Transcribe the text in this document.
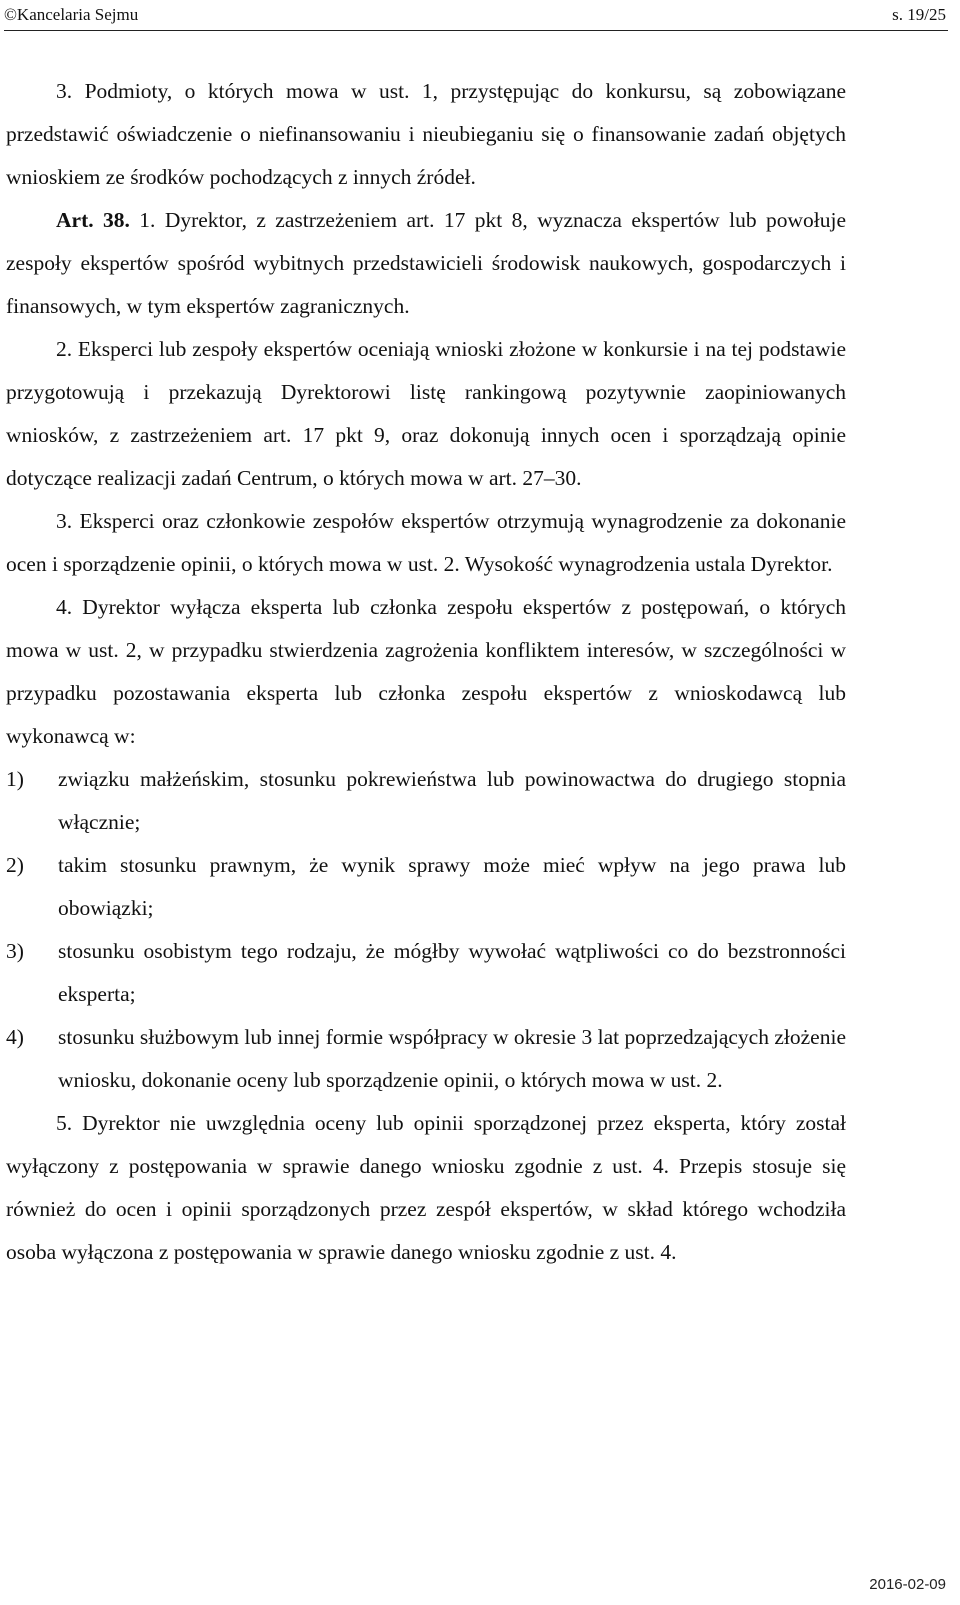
©Kancelaria Sejmu	s. 19/25

3. Podmioty, o których mowa w ust. 1, przystępując do konkursu, są zobowiązane przedstawić oświadczenie o niefinansowaniu i nieubieganiu się o finansowanie zadań objętych wnioskiem ze środków pochodzących z innych źródeł.

Art. 38. 1. Dyrektor, z zastrzeżeniem art. 17 pkt 8, wyznacza ekspertów lub powołuje zespoły ekspertów spośród wybitnych przedstawicieli środowisk naukowych, gospodarczych i finansowych, w tym ekspertów zagranicznych.

2. Eksperci lub zespoły ekspertów oceniają wnioski złożone w konkursie i na tej podstawie przygotowują i przekazują Dyrektorowi listę rankingową pozytywnie zaopiniowanych wniosków, z zastrzeżeniem art. 17 pkt 9, oraz dokonują innych ocen i sporządzają opinie dotyczące realizacji zadań Centrum, o których mowa w art. 27–30.

3. Eksperci oraz członkowie zespołów ekspertów otrzymują wynagrodzenie za dokonanie ocen i sporządzenie opinii, o których mowa w ust. 2. Wysokość wynagrodzenia ustala Dyrektor.

4. Dyrektor wyłącza eksperta lub członka zespołu ekspertów z postępowań, o których mowa w ust. 2, w przypadku stwierdzenia zagrożenia konfliktem interesów, w szczególności w przypadku pozostawania eksperta lub członka zespołu ekspertów z wnioskodawcą lub wykonawcą w:

1) związku małżeńskim, stosunku pokrewieństwa lub powinowactwa do drugiego stopnia włącznie;
2) takim stosunku prawnym, że wynik sprawy może mieć wpływ na jego prawa lub obowiązki;
3) stosunku osobistym tego rodzaju, że mógłby wywołać wątpliwości co do bezstronności eksperta;
4) stosunku służbowym lub innej formie współpracy w okresie 3 lat poprzedzających złożenie wniosku, dokonanie oceny lub sporządzenie opinii, o których mowa w ust. 2.

5. Dyrektor nie uwzględnia oceny lub opinii sporządzonej przez eksperta, który został wyłączony z postępowania w sprawie danego wniosku zgodnie z ust. 4. Przepis stosuje się również do ocen i opinii sporządzonych przez zespół ekspertów, w skład którego wchodziła osoba wyłączona z postępowania w sprawie danego wniosku zgodnie z ust. 4.

2016-02-09
